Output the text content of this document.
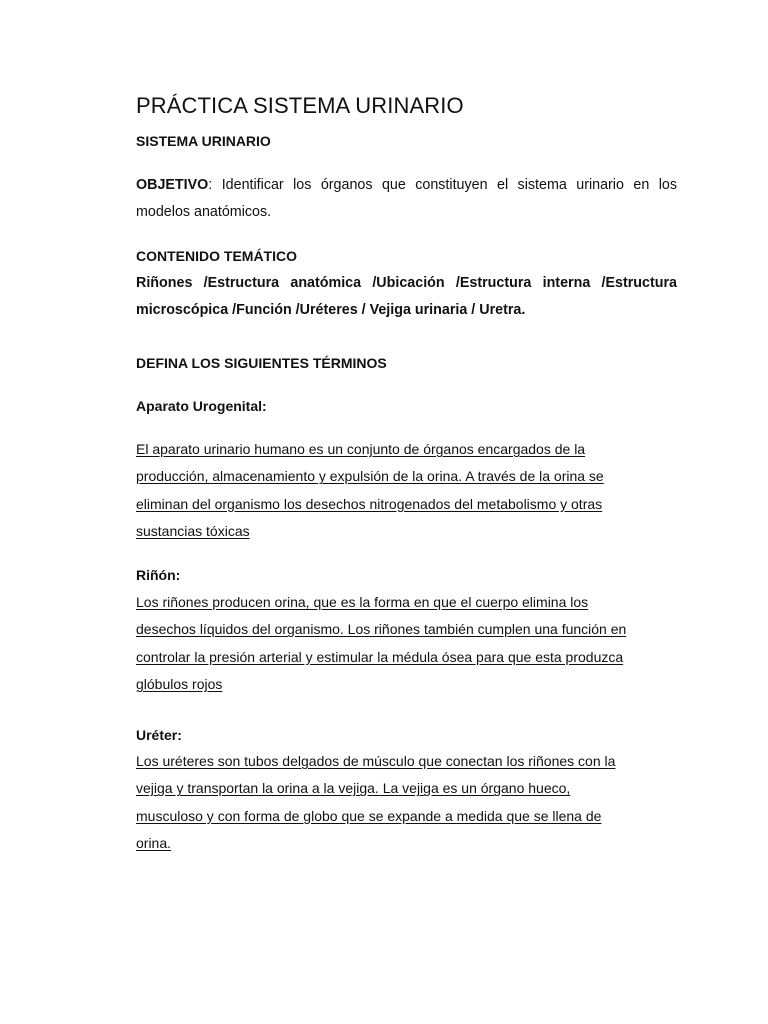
PRÁCTICA SISTEMA URINARIO
SISTEMA URINARIO
OBJETIVO: Identificar los órganos que constituyen el sistema urinario en los modelos anatómicos.
CONTENIDO TEMÁTICO
Riñones /Estructura anatómica /Ubicación /Estructura interna /Estructura microscópica /Función /Uréteres / Vejiga urinaria / Uretra.
DEFINA LOS SIGUIENTES TÉRMINOS
Aparato Urogenital:
El aparato urinario humano es un conjunto de órganos encargados de la
producción, almacenamiento y expulsión de la orina. A través de la orina se
eliminan del organismo los desechos nitrogenados del metabolismo y otras
sustancias tóxicas
Riñón:
Los riñones producen orina, que es la forma en que el cuerpo elimina los
desechos líquidos del organismo. Los riñones también cumplen una función en
controlar la presión arterial y estimular la médula ósea para que esta produzca
glóbulos rojos
Uréter:
Los uréteres son tubos delgados de músculo que conectan los riñones con la
vejiga y transportan la orina a la vejiga. La vejiga es un órgano hueco,
musculoso y con forma de globo que se expande a medida que se llena de
orina.
